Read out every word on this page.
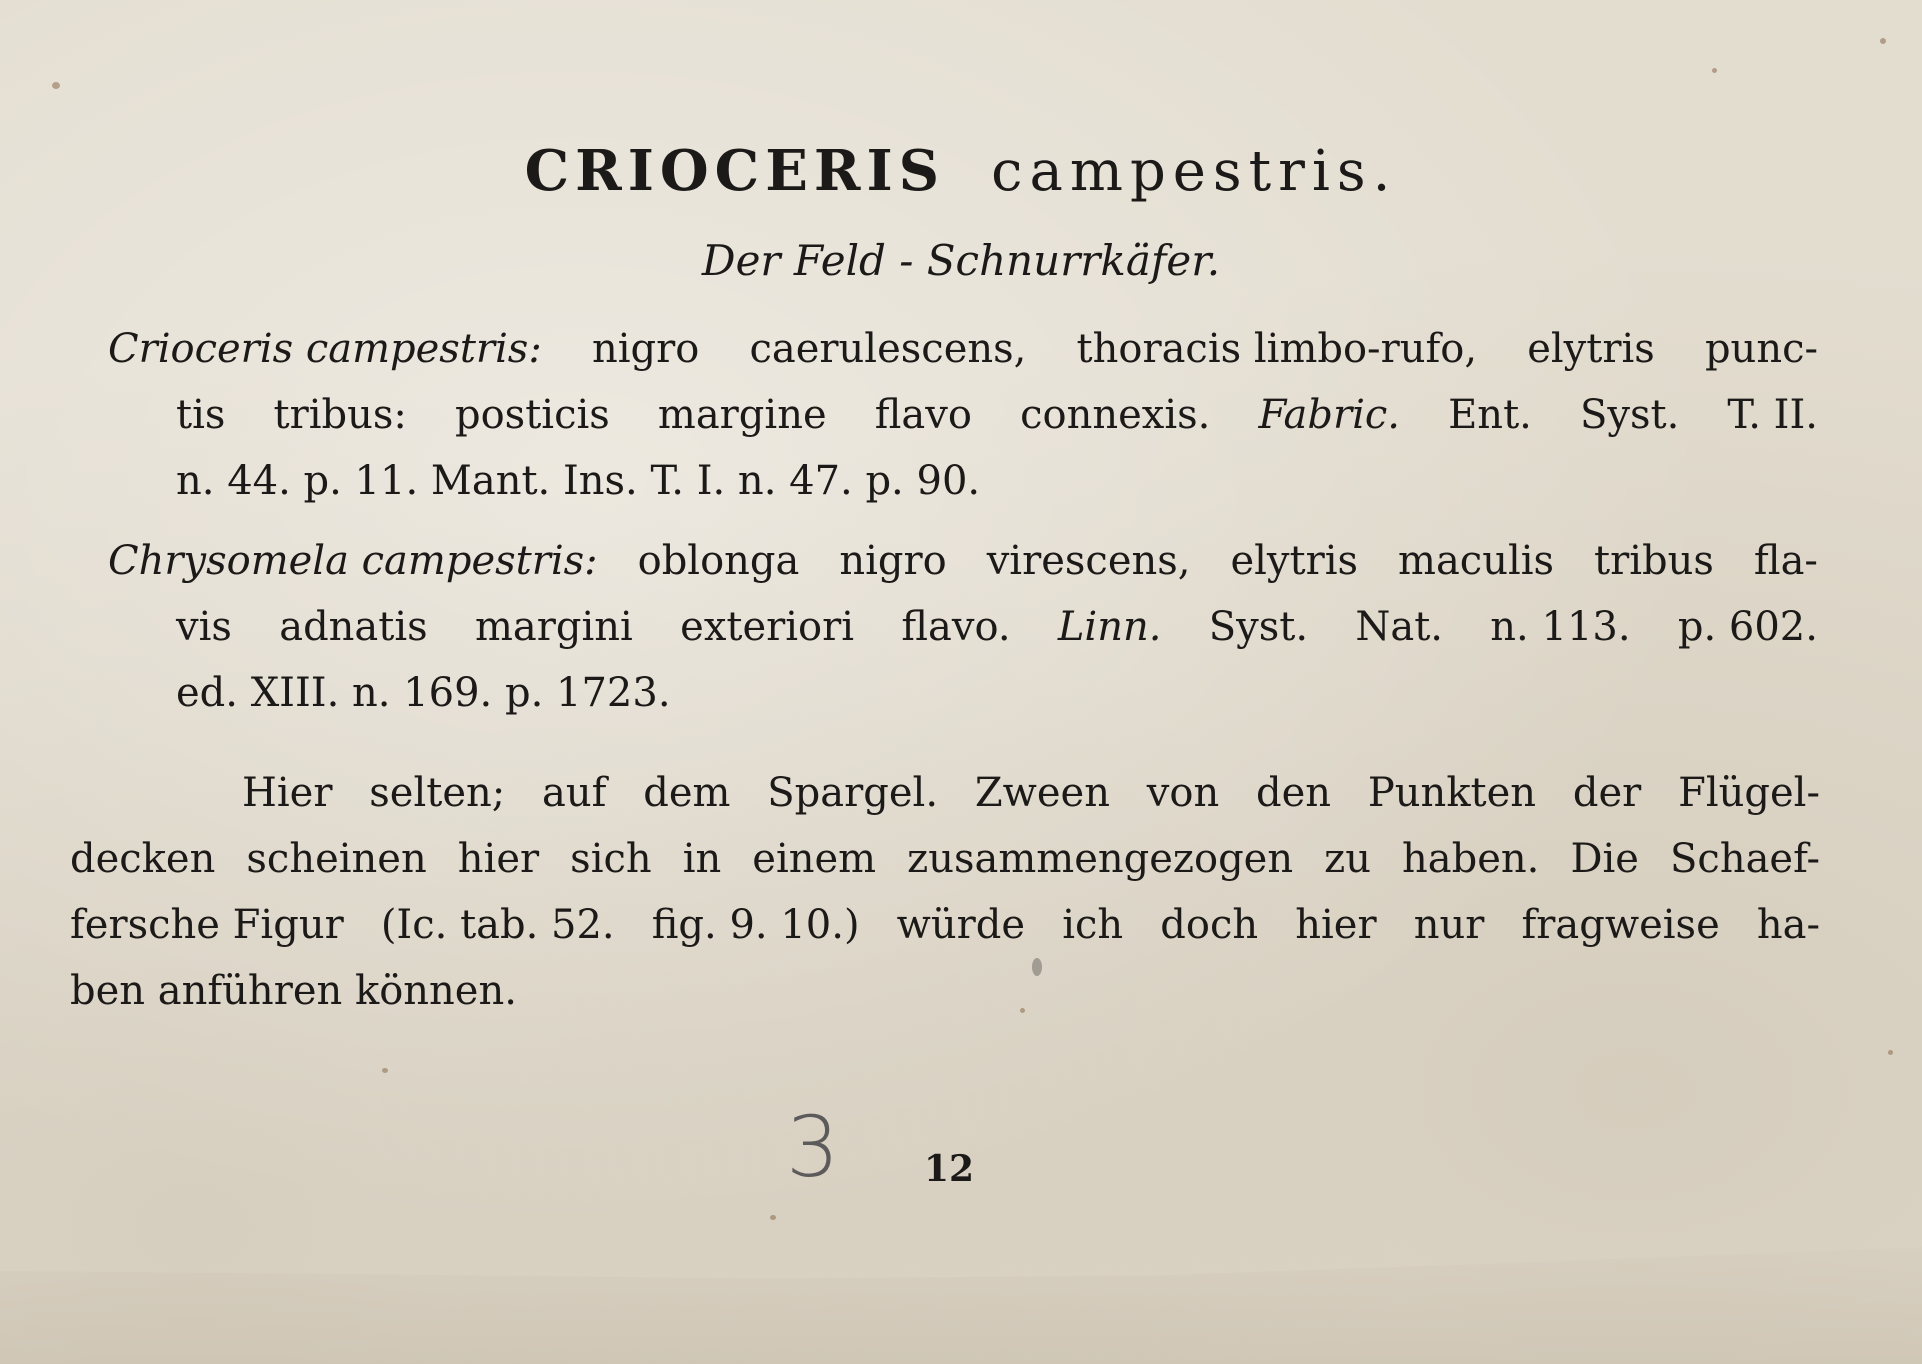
CRIOCERIS campestris.
Der Feld - Schnurrkäfer.
Crioceris campestris: nigro caerulescens, thoracis limbo-rufo, elytris punc-
tis tribus: posticis margine flavo connexis. Fabric. Ent. Syst. T. II.
n. 44. p. 11. Mant. Ins. T. I. n. 47. p. 90.
Chrysomela campestris: oblonga nigro virescens, elytris maculis tribus fla-
vis adnatis margini exteriori flavo. Linn. Syst. Nat. n. 113. p. 602.
ed. XIII. n. 169. p. 1723.
Hier selten; auf dem Spargel. Zween von den Punkten der Flügel-
decken scheinen hier sich in einem zusammengezogen zu haben. Die Schaef-
fersche Figur (Ic. tab. 52. fig. 9. 10.) würde ich doch hier nur fragweise ha-
ben anführen können.
3 12
